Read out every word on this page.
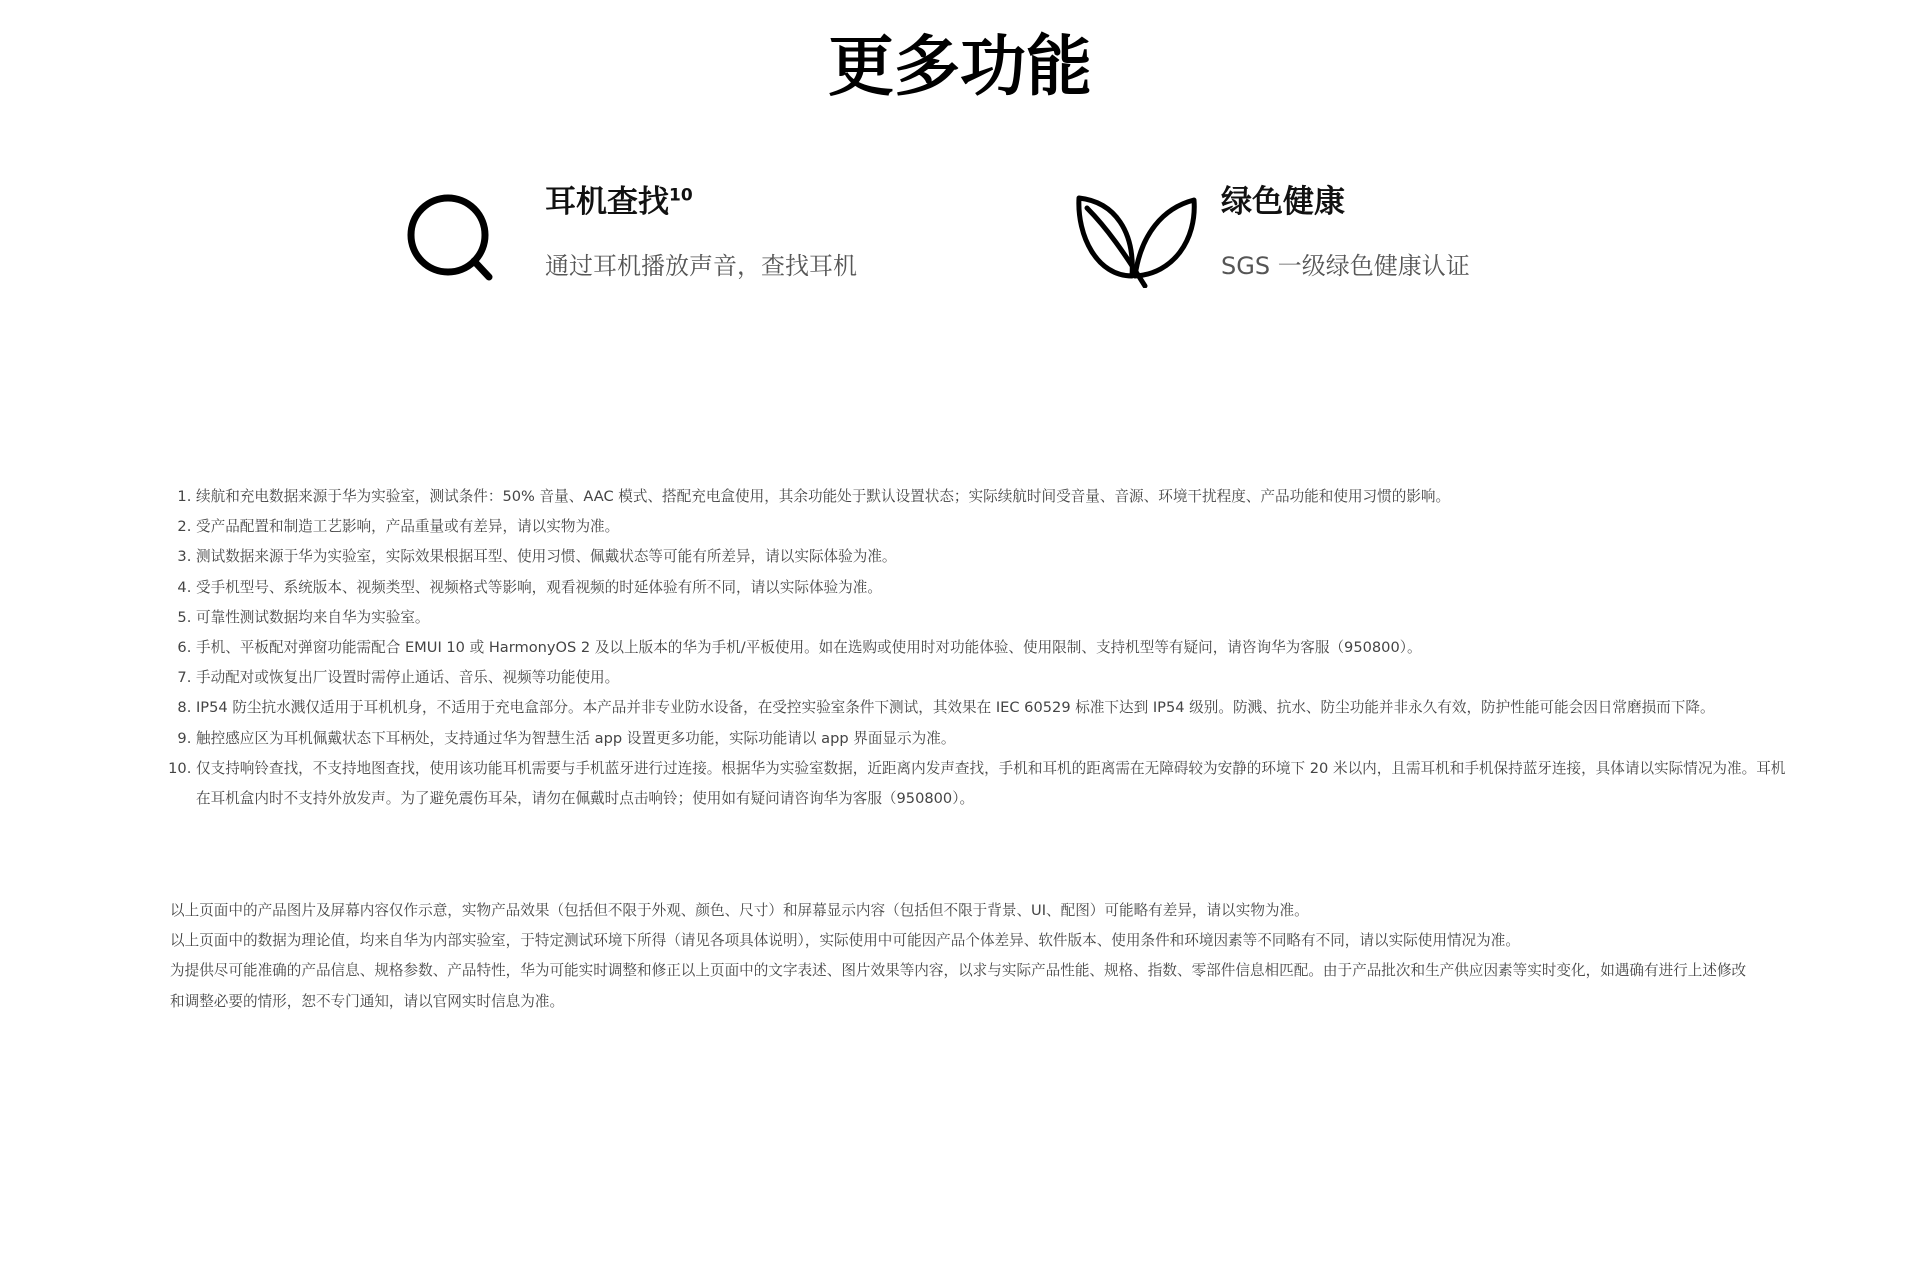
更多功能
耳机查找$^{10}$
通过耳机播放声音，查找耳机
绿色健康
SGS 一级绿色健康认证
1. 续航和充电数据来源于华为实验室，测试条件：50% 音量、AAC 模式、搭配充电盒使用，其余功能处于默认设置状态；实际续航时间受音量、音源、环境干扰程度、产品功能和使用习惯的影响。
2. 受产品配置和制造工艺影响，产品重量或有差异，请以实物为准。
3. 测试数据来源于华为实验室，实际效果根据耳型、使用习惯、佩戴状态等可能有所差异，请以实际体验为准。
4. 受手机型号、系统版本、视频类型、视频格式等影响，观看视频的时延体验有所不同，请以实际体验为准。
5. 可靠性测试数据均来自华为实验室。
6. 手机、平板配对弹窗功能需配合 EMUI 10 或 HarmonyOS 2 及以上版本的华为手机/平板使用。如在选购或使用时对功能体验、使用限制、支持机型等有疑问，请咨询华为客服（950800）。
7. 手动配对或恢复出厂设置时需停止通话、音乐、视频等功能使用。
8. IP54 防尘抗水溅仅适用于耳机机身，不适用于充电盒部分。本产品并非专业防水设备，在受控实验室条件下测试，其效果在 IEC 60529 标准下达到 IP54 级别。防溅、抗水、防尘功能并非永久有效，防护性能可能会因日常磨损而下降。
9. 触控感应区为耳机佩戴状态下耳柄处，支持通过华为智慧生活 app 设置更多功能，实际功能请以 app 界面显示为准。
10. 仅支持响铃查找，不支持地图查找，使用该功能耳机需要与手机蓝牙进行过连接。根据华为实验室数据，近距离内发声查找，手机和耳机的距离需在无障碍较为安静的环境下 20 米以内，且需耳机和手机保持蓝牙连接，具体请以实际情况为准。耳机在耳机盒内时不支持外放发声。为了避免震伤耳朵，请勿在佩戴时点击响铃；使用如有疑问请咨询华为客服（950800）。

以上页面中的产品图片及屏幕内容仅作示意，实物产品效果（包括但不限于外观、颜色、尺寸）和屏幕显示内容（包括但不限于背景、UI、配图）可能略有差异，请以实物为准。

以上页面中的数据为理论值，均来自华为内部实验室，于特定测试环境下所得（请见各项具体说明），实际使用中可能因产品个体差异、软件版本、使用条件和环境因素等不同略有不同，请以实际使用情况为准。

为提供尽可能准确的产品信息、规格参数、产品特性，华为可能实时调整和修正以上页面中的文字表述、图片效果等内容，以求与实际产品性能、规格、指数、零部件信息相匹配。由于产品批次和生产供应因素等实时变化，如遇确有进行上述修改和调整必要的情形，恕不专门通知，请以官网实时信息为准。
